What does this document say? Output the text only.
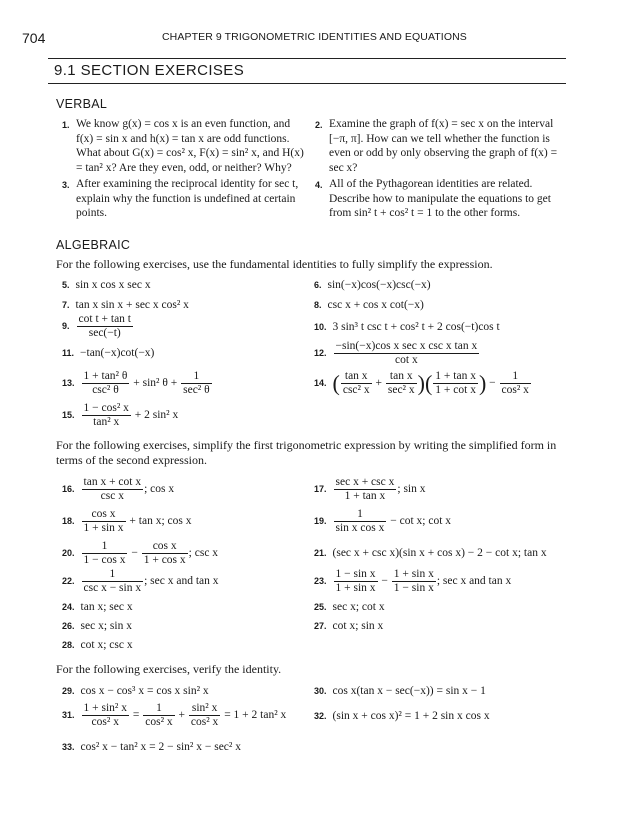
704	CHAPTER 9 TRIGONOMETRIC IDENTITIES AND EQUATIONS
9.1 SECTION EXERCISES
VERBAL
1. We know g(x) = cos x is an even function, and f(x) = sin x and h(x) = tan x are odd functions. What about G(x) = cos² x, F(x) = sin² x, and H(x) = tan² x? Are they even, odd, or neither? Why?
2. Examine the graph of f(x) = sec x on the interval [−π, π]. How can we tell whether the function is even or odd by only observing the graph of f(x) = sec x?
3. After examining the reciprocal identity for sec t, explain why the function is undefined at certain points.
4. All of the Pythagorean identities are related. Describe how to manipulate the equations to get from sin² t + cos² t = 1 to the other forms.
ALGEBRAIC
For the following exercises, use the fundamental identities to fully simplify the expression.
5. sin x cos x sec x	6. sin(−x)cos(−x)csc(−x)
7. tan x sin x + sec x cos² x	8. csc x + cos x cot(−x)
9. $\frac{\text{cot t + tan t}}{\sec(-t)}$	10. 3 sin³ t csc t + cos² t + 2 cos(−t)cos t
11. −tan(−x)cot(−x)	12. $\frac{\text{−sin(−x)cos x sec x csc x tan x}}{\text{cot x}}$
13. $\frac{\text{1 + tan² θ}}{\text{csc² θ}} + \sin^2$ $\theta + \frac{1}{\text{sec² θ}}$	14. ( $\frac{\text{tan x}}{\text{csc² x}} + \frac{\text{tan x}}{\text{sec² x}}$ )( $\frac{\text{1 + tan x}}{\text{1 + cot x}}$ ) − $\frac{1}{\text{cos² x}}$
15. $\frac{\text{1 − cos² x}}{\text{tan² x}} + 2$ sin² x
For the following exercises, simplify the first trigonometric expression by writing the simplified form in terms of the second expression.
16. $\frac{\text{tan x + cot x}}{\text{csc x}}$ ; cos x	17. $\frac{\text{sec x + csc x}}{\text{1 + tan x}}$ ; sin x
18. $\frac{\text{cos x}}{\text{1 + sin x}} + \tan x$; cos x	19. $\frac{1}{\text{sin x cos x}} - \cot x$; cot x
20. $\frac{1}{\text{1 − cos x}} - \frac{\text{cos x}}{\text{1 + cos x}}$ ; csc x	21. (sec x + csc x)(sin x + cos x) − 2 − cot x; tan x
22. $\frac{1}{\text{csc x − sin x}}$ ; sec x and tan x	23. $\frac{\text{1 − sin x}}{\text{1 + sin x}} - \frac{\text{1 + sin x}}{\text{1 − sin x}}$ ; sec x and tan x
24. tan x; sec x	25. sec x; cot x
26. sec x; sin x	27. cot x; sin x
28. cot x; csc x
For the following exercises, verify the identity.
29. cos x − cos³ x = cos x sin² x	30. cos x(tan x − sec(−x)) = sin x − 1
31. $\frac{\text{1 + sin² x}}{\text{cos² x}} = \frac{1}{\text{cos² x}} + \frac{\text{sin² x}}{\text{cos² x}} = 1 + 2$ tan² x	32. (sin x + cos x)² = 1 + 2 sin x cos x
33. cos² x − tan² x = 2 − sin² x − sec² x
